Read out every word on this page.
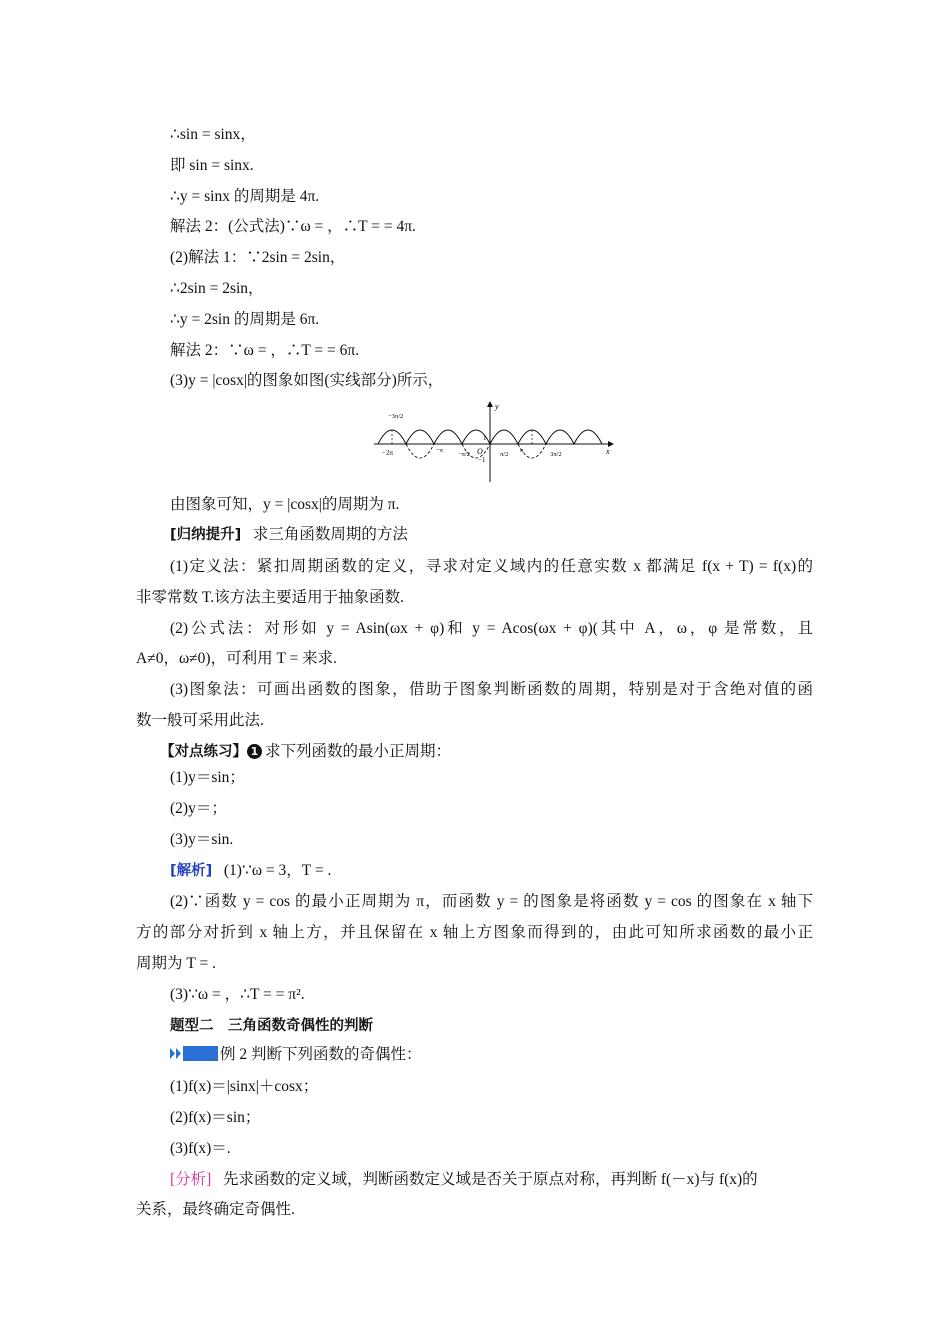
∴sin = sinx，
即 sin = sinx.
∴y = sinx 的周期是 4π.
解法 2：(公式法)∵ω = ，∴T = = 4π.
(2)解法 1：∵2sin = 2sin，
∴2sin = 2sin，
∴y = 2sin 的周期是 6π.
解法 2：∵ω = ，∴T = = 6π.
(3)y = |cosx|的图象如图(实线部分)所示，
y
x
O
1
−1
−2π	−π	π
−3π/2
−π/2	π/2	3π/2
由图象可知，y = |cosx|的周期为 π.
[归纳提升] 求三角函数周期的方法
(1)定义法：紧扣周期函数的定义，寻求对定义域内的任意实数 x 都满足 f(x + T) = f(x)的
非零常数 T.该方法主要适用于抽象函数.
(2)公式法：对形如 y = Asin(ωx + φ)和 y = Acos(ωx + φ)(其中 A，ω，φ 是常数，且
A≠0，ω≠0)，可利用 T = 来求.
(3)图象法：可画出函数的图象，借助于图象判断函数的周期，特别是对于含绝对值的函
数一般可采用此法.
【对点练习】 1 求下列函数的最小正周期：
(1)y＝sin；
(2)y＝；
(3)y＝sin.
[解析] (1)∵ω = 3，T = .
(2)∵函数 y = cos 的最小正周期为 π，而函数 y = 的图象是将函数 y = cos 的图象在 x 轴下
方的部分对折到 x 轴上方，并且保留在 x 轴上方图象而得到的，由此可知所求函数的最小正
周期为 T = .
(3)∵ω = ，∴T = = π².
题型二　三角函数奇偶性的判断
例 2 判断下列函数的奇偶性：
(1)f(x)＝|sinx|＋cosx；
(2)f(x)＝sin；
(3)f(x)＝.
[分析] 先求函数的定义域，判断函数定义域是否关于原点对称，再判断 f(－x)与 f(x)的
关系，最终确定奇偶性.
